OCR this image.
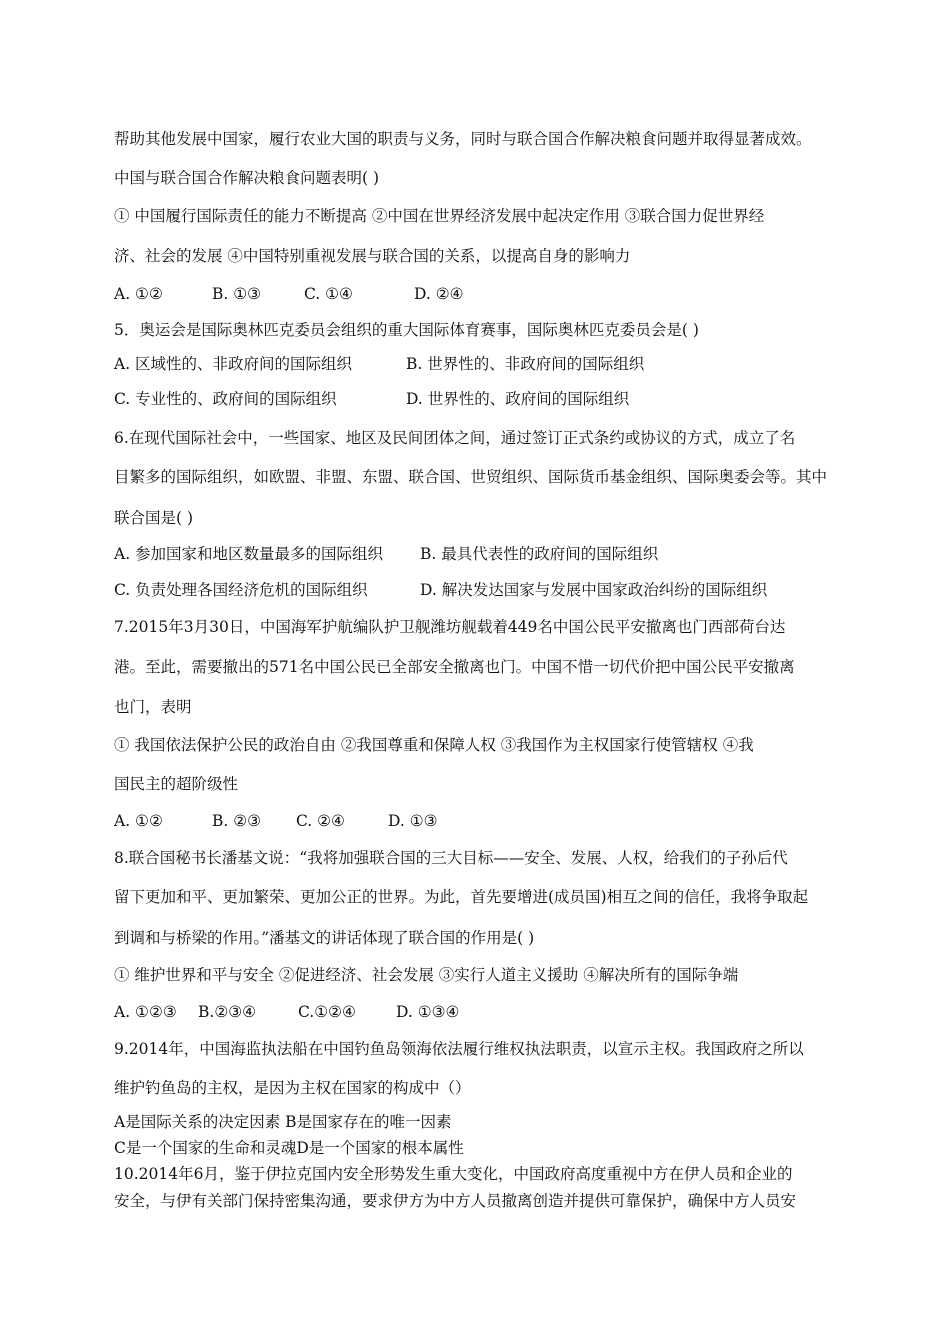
帮助其他发展中国家，履行农业大国的职责与义务，同时与联合国合作解决粮食问题并取得显著成效。
中国与联合国合作解决粮食问题表明( )
① 中国履行国际责任的能力不断提高 ②中国在世界经济发展中起决定作用 ③联合国力促世界经
济、社会的发展 ④中国特别重视发展与联合国的关系，以提高自身的影响力
A. ①②	B. ①③	C. ①④	D. ②④
5．奥运会是国际奥林匹克委员会组织的重大国际体育赛事，国际奥林匹克委员会是( )
A. 区域性的、非政府间的国际组织	B. 世界性的、非政府间的国际组织
C. 专业性的、政府间的国际组织	D. 世界性的、政府间的国际组织
6.在现代国际社会中，一些国家、地区及民间团体之间，通过签订正式条约或协议的方式，成立了名
目繁多的国际组织，如欧盟、非盟、东盟、联合国、世贸组织、国际货币基金组织、国际奥委会等。其中
联合国是( )
A. 参加国家和地区数量最多的国际组织 B. 最具代表性的政府间的国际组织
C. 负责处理各国经济危机的国际组织	D. 解决发达国家与发展中国家政治纠纷的国际组织
7.2015年3月30日，中国海军护航编队护卫舰潍坊舰载着449名中国公民平安撤离也门西部荷台达
港。至此，需要撤出的571名中国公民已全部安全撤离也门。中国不惜一切代价把中国公民平安撤离
也门，表明
① 我国依法保护公民的政治自由 ②我国尊重和保障人权 ③我国作为主权国家行使管辖权 ④我
国民主的超阶级性
A. ①②	B. ②③ C. ②④	D. ①③
8.联合国秘书长潘基文说：“我将加强联合国的三大目标——安全、发展、人权，给我们的子孙后代
留下更加和平、更加繁荣、更加公正的世界。为此，首先要增进(成员国)相互之间的信任，我将争取起
到调和与桥梁的作用。”潘基文的讲话体现了联合国的作用是( )
① 维护世界和平与安全 ②促进经济、社会发展 ③实行人道主义援助 ④解决所有的国际争端
A. ①②③ B.②③④	C.①②④	D. ①③④
9.2014年，中国海监执法船在中国钓鱼岛领海依法履行维权执法职责，以宣示主权。我国政府之所以
维护钓鱼岛的主权，是因为主权在国家的构成中（）
A是国际关系的决定因素 B是国家存在的唯一因素
C是一个国家的生命和灵魂D是一个国家的根本属性
10.2014年6月，鉴于伊拉克国内安全形势发生重大变化，中国政府高度重视中方在伊人员和企业的
安全，与伊有关部门保持密集沟通，要求伊方为中方人员撤离创造并提供可靠保护，确保中方人员安
